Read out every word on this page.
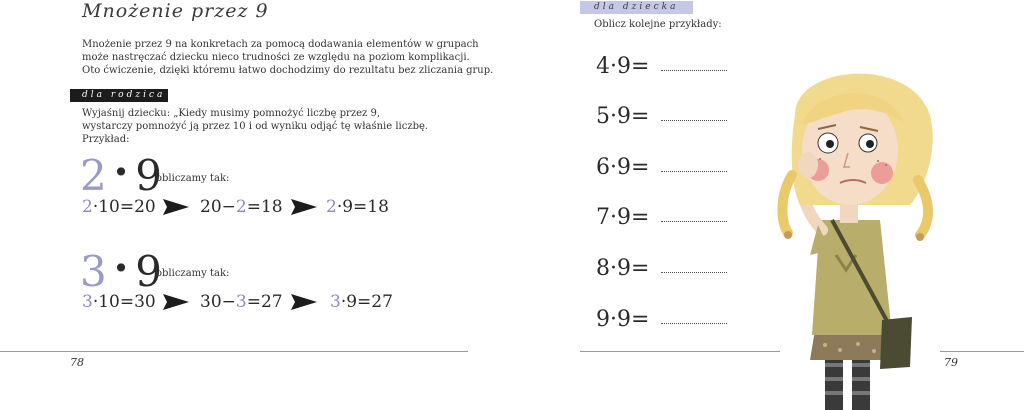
Mnożenie przez 9
Mnożenie przez 9 na konkretach za pomocą dodawania elementów w grupach
może nastręczać dziecku nieco trudności ze względu na poziom komplikacji.
Oto ćwiczenie, dzięki któremu łatwo dochodzimy do rezultatu bez zliczania grup.
dla rodzica
Wyjaśnij dziecku: „Kiedy musimy pomnożyć liczbę przez 9,
wystarczy pomnożyć ją przez 10 i od wyniku odjąć tę właśnie liczbę.
Przykład:
2 • 9
obliczamy tak:
2·10=20	20−2=18	2·9=18
3 • 9
obliczamy tak:
3·10=30	30−3=27	3·9=27
78
dla dziecka
Oblicz kolejne przykłady:
4·9=
5·9=
6·9=
7·9=
8·9=
9·9=
79
